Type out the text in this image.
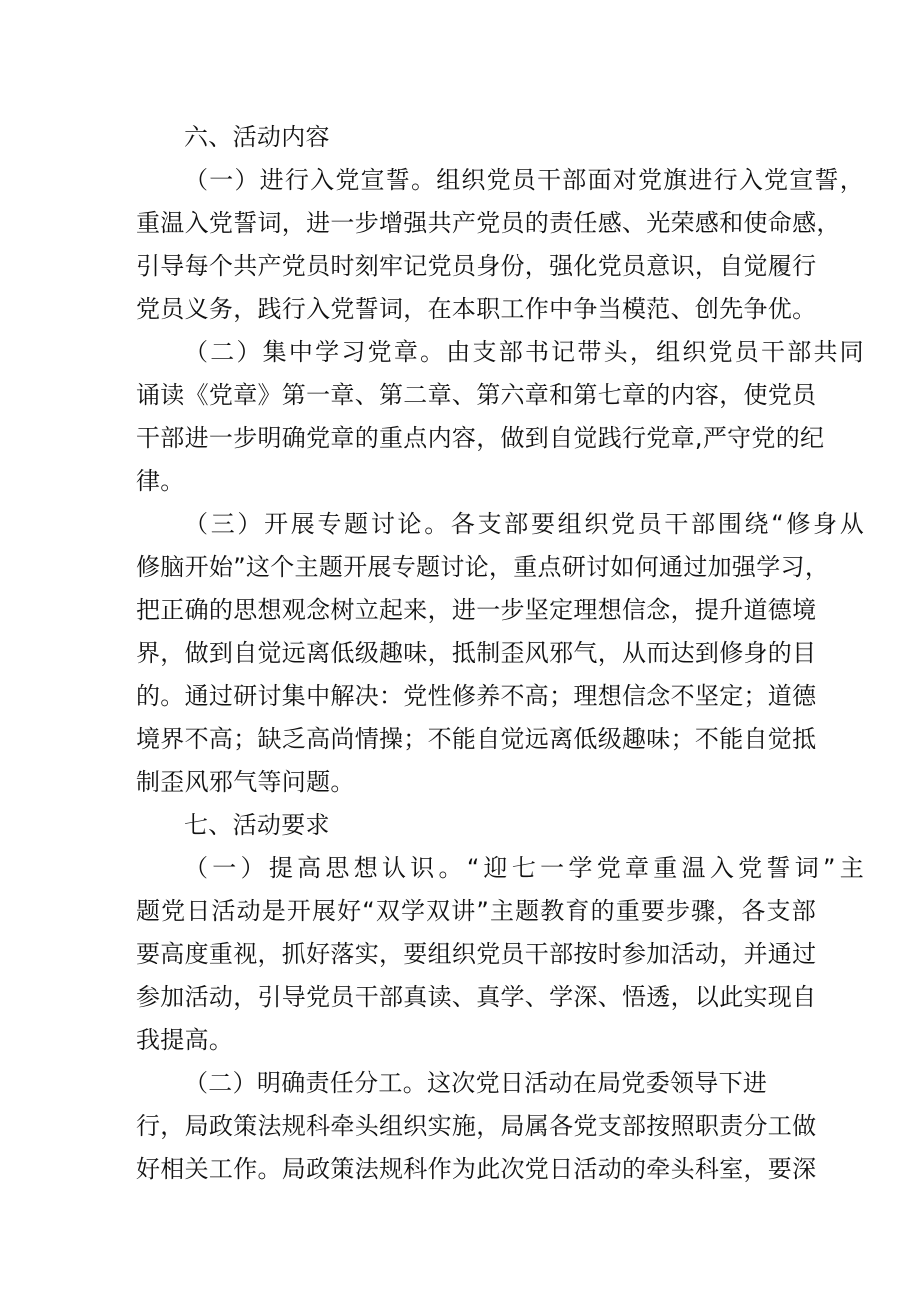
六、活动内容
（一）进行入党宣誓。组织党员干部面对党旗进行入党宣誓，
重温入党誓词，进一步增强共产党员的责任感、光荣感和使命感，
引导每个共产党员时刻牢记党员身份，强化党员意识，自觉履行
党员义务，践行入党誓词，在本职工作中争当模范、创先争优。
（二）集中学习党章。由支部书记带头，组织党员干部共同
诵读《党章》第一章、第二章、第六章和第七章的内容，使党员
干部进一步明确党章的重点内容，做到自觉践行党章,严守党的纪
律。
（三）开展专题讨论。各支部要组织党员干部围绕“修身从
修脑开始”这个主题开展专题讨论，重点研讨如何通过加强学习，
把正确的思想观念树立起来，进一步坚定理想信念，提升道德境
界，做到自觉远离低级趣味，抵制歪风邪气，从而达到修身的目
的。通过研讨集中解决：党性修养不高；理想信念不坚定；道德
境界不高；缺乏高尚情操；不能自觉远离低级趣味；不能自觉抵
制歪风邪气等问题。
七、活动要求
（一）提高思想认识。“迎七一学党章重温入党誓词”主
题党日活动是开展好“双学双讲”主题教育的重要步骤，各支部
要高度重视，抓好落实，要组织党员干部按时参加活动，并通过
参加活动，引导党员干部真读、真学、学深、悟透，以此实现自
我提高。
（二）明确责任分工。这次党日活动在局党委领导下进
行，局政策法规科牵头组织实施，局属各党支部按照职责分工做
好相关工作。局政策法规科作为此次党日活动的牵头科室，要深
